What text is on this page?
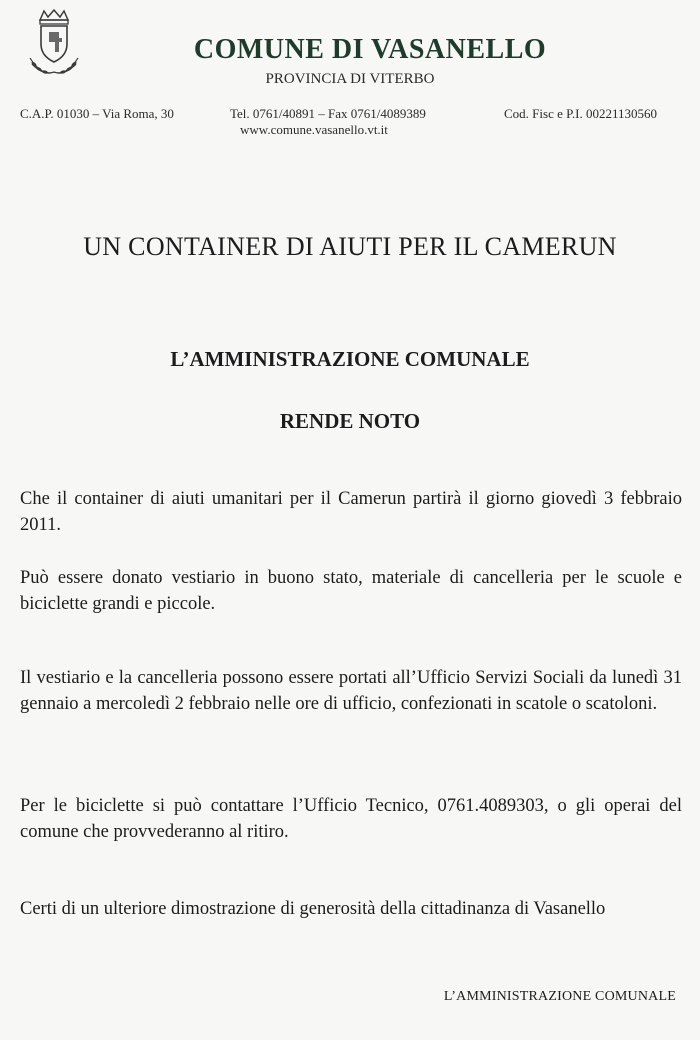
COMUNE DI VASANELLO
PROVINCIA DI VITERBO
C.A.P. 01030 – Via Roma, 30	Tel. 0761/40891 – Fax 0761/4089389	Cod. Fisc e P.I. 00221130560
www.comune.vasanello.vt.it
UN CONTAINER DI AIUTI PER IL CAMERUN
L’AMMINISTRAZIONE COMUNALE
RENDE NOTO
Che il container di aiuti umanitari per il Camerun partirà il giorno giovedì 3 febbraio 2011.
Può essere donato vestiario in buono stato, materiale di cancelleria per le scuole e biciclette grandi e piccole.
Il vestiario e la cancelleria possono essere portati all’Ufficio Servizi Sociali da lunedì 31 gennaio a mercoledì 2 febbraio nelle ore di ufficio, confezionati in scatole o scatoloni.
Per le biciclette si può contattare l’Ufficio Tecnico, 0761.4089303, o gli operai del comune che provvederanno al ritiro.
Certi di un ulteriore dimostrazione di generosità della cittadinanza di Vasanello
L’AMMINISTRAZIONE COMUNALE
